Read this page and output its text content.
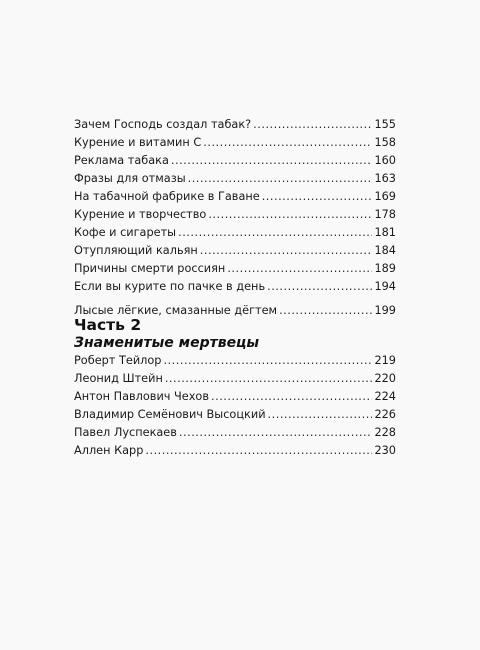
Зачем Господь создал табак? .....	155
Курение и витамин С .....	158
Реклама табака .....	160
Фразы для отмазы .....	163
На табачной фабрике в Гаване .....	169
Курение и творчество .....	178
Кофе и сигареты .....	181
Отупляющий кальян .....	184
Причины смерти россиян .....	189
Если вы курите по пачке в день .....	194
Лысые лёгкие, смазанные дёгтем .....	199
Часть 2
Знаменитые мертвецы
Роберт Тейлор .....	219
Леонид Штейн .....	220
Антон Павлович Чехов .....	224
Владимир Семёнович Высоцкий .....	226
Павел Луспекаев .....	228
Аллен Карр .....	230
